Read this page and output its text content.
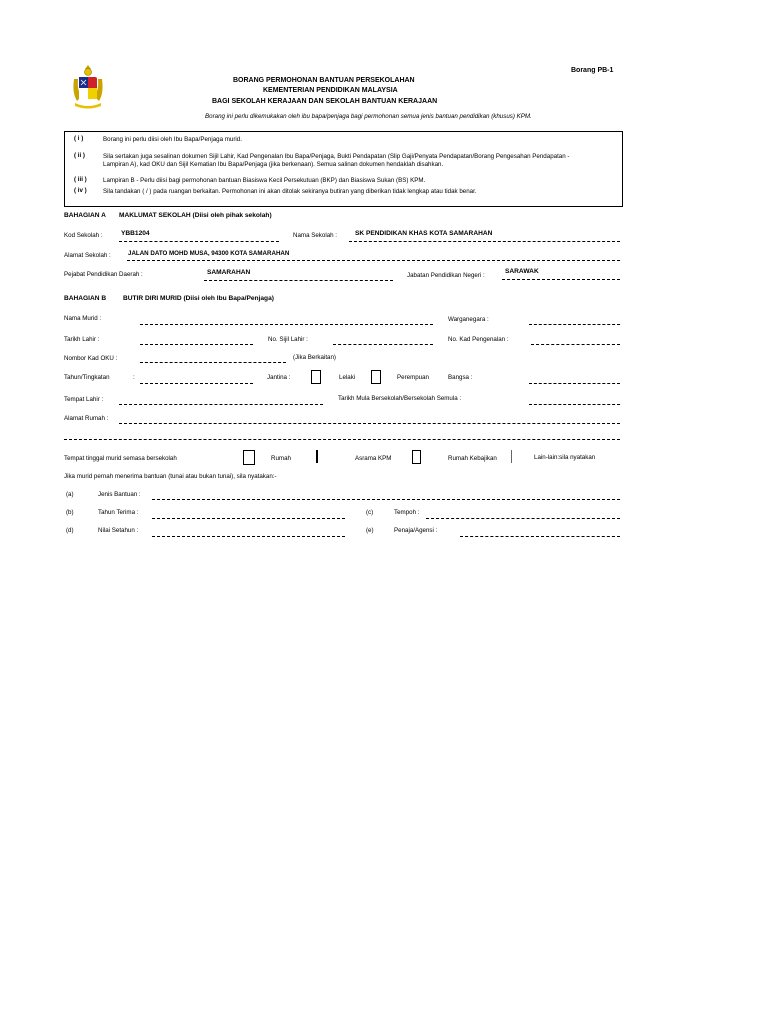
Borang PB-1
BORANG PERMOHONAN BANTUAN PERSEKOLAHAN
KEMENTERIAN PENDIDIKAN MALAYSIA
BAGI SEKOLAH KERAJAAN DAN SEKOLAH BANTUAN KERAJAAN
Borang ini perlu dikemukakan oleh ibu bapa/penjaga bagi permohonan semua jenis bantuan pendidikan (khusus) KPM.
( i )	Borang ini perlu diisi oleh Ibu Bapa/Penjaga murid.
( ii )	Sila sertakan juga sesalinan dokumen Sijil Lahir, Kad Pengenalan Ibu Bapa/Penjaga, Bukti Pendapatan (Slip Gaji/Penyata Pendapatan/Borang Pengesahan Pendapatan -
Lampiran A), kad OKU dan Sijil Kematian Ibu Bapa/Penjaga (jika berkenaan). Semua salinan dokumen hendaklah disahkan.
( iii )	Lampiran B - Perlu diisi bagi permohonan bantuan Biasiswa Kecil Persekutuan (BKP) dan Biasiswa Sukan (BS) KPM.
( iv )	Sila tandakan ( / ) pada ruangan berkaitan. Permohonan ini akan ditolak sekiranya butiran yang diberikan tidak lengkap atau tidak benar.
BAHAGIAN A MAKLUMAT SEKOLAH (Diisi oleh pihak sekolah)
Kod Sekolah :	YBB1204	Nama Sekolah :	SK PENDIDIKAN KHAS KOTA SAMARAHAN
Alamat Sekolah :	JALAN DATO MOHD MUSA, 94300 KOTA SAMARAHAN
Pejabat Pendidikan Daerah :	SAMARAHAN	Jabatan Pendidikan Negeri :
SARAWAK
BAHAGIAN B	BUTIR DIRI MURID (Diisi oleh Ibu Bapa/Penjaga)
Nama Murid :	Warganegara :
Tarikh Lahir :	No. Sijil Lahir :	No. Kad Pengenalan :
Nombor Kad OKU :	(Jika Berkaitan)
Tahun/Tingkatan	:	Jantina :	Lelaki	Perempuan	Bangsa :
Tempat Lahir :	Tarikh Mula Bersekolah/Bersekolah Semula :
Alamat Rumah :
Tempat tinggal murid semasa bersekolah	Rumah	Asrama KPM	Rumah Kebajikan	Lain-lain:sila nyatakan
Jika murid pernah menerima bantuan (tunai atau bukan tunai), sila nyatakan:-
(a)	Jenis Bantuan :
(b)	Tahun Terima :	(c)	Tempoh :
(d)	Nilai Setahun :	(e)	Penaja/Agensi :
